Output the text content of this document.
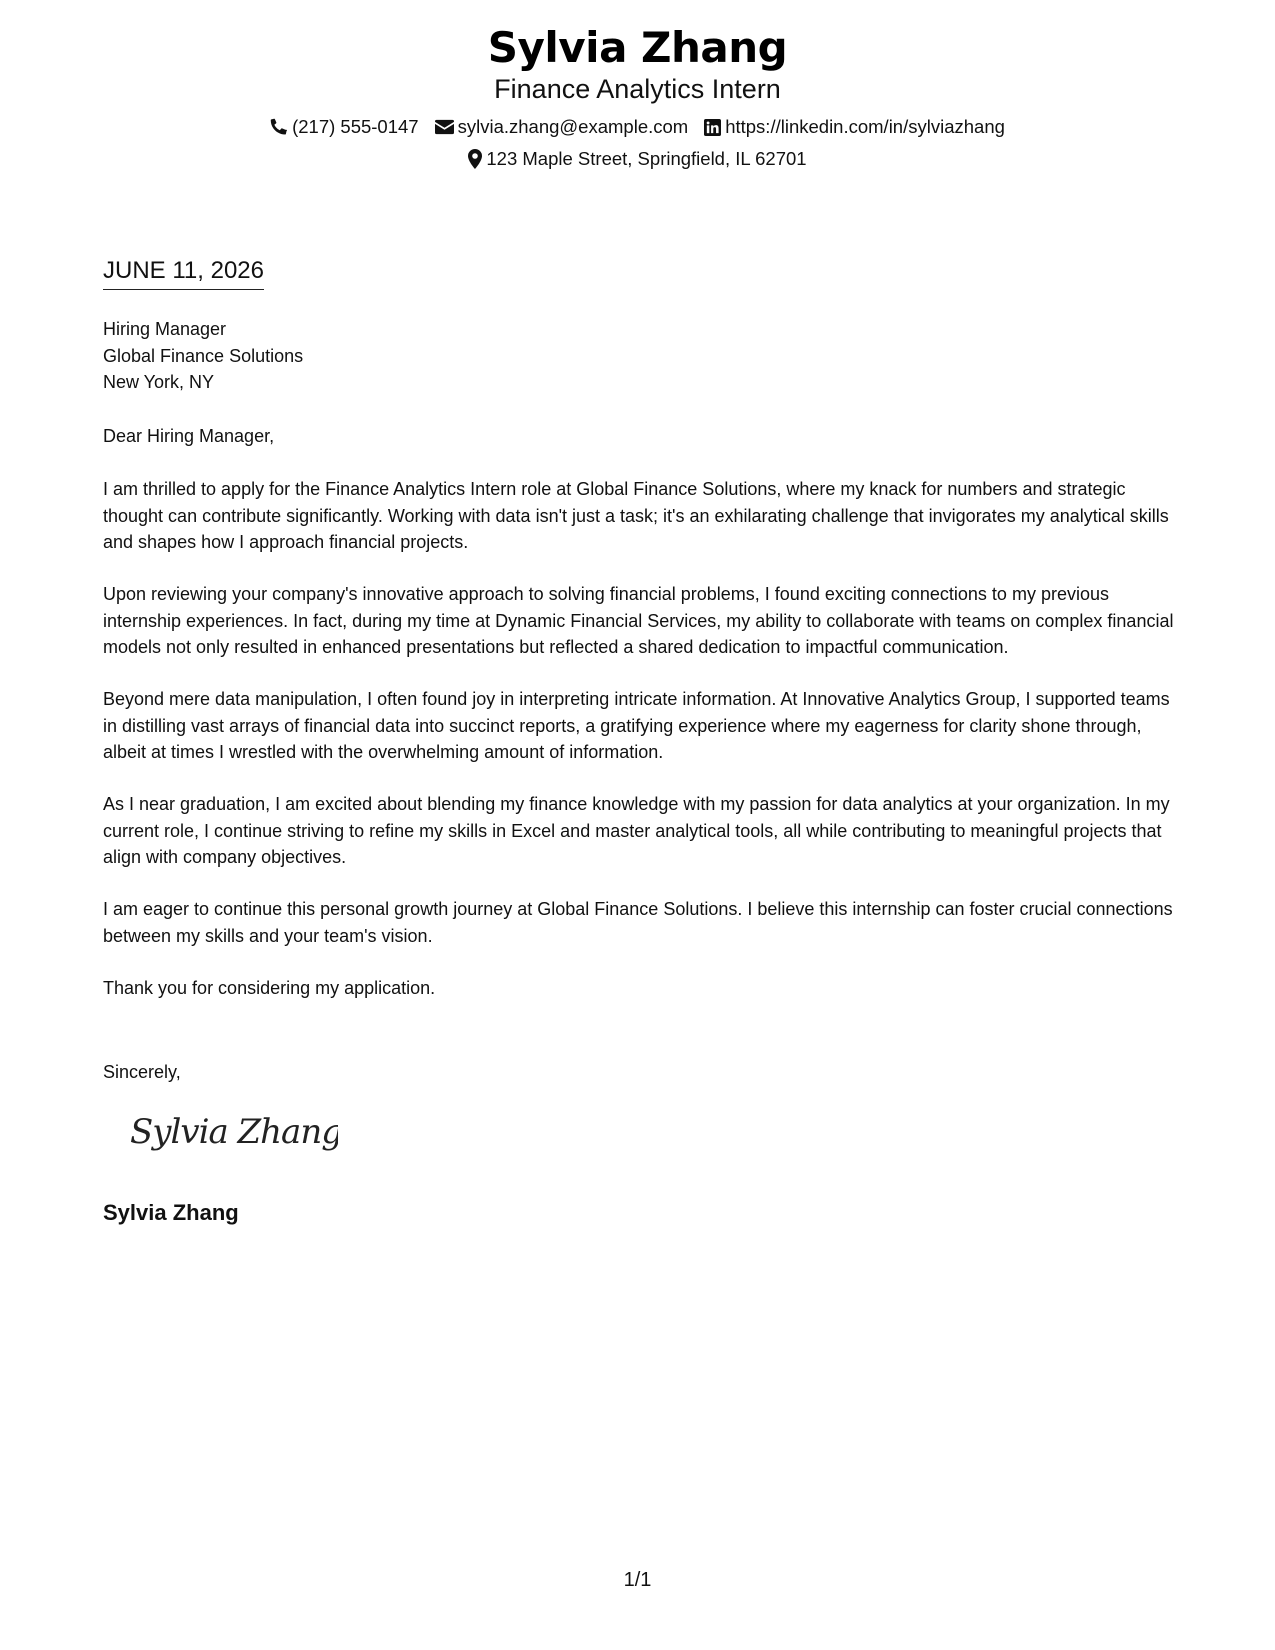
Sylvia Zhang
Finance Analytics Intern
(217) 555-0147 sylvia.zhang@example.com https://linkedin.com/in/sylviazhang
123 Maple Street, Springfield, IL 62701
JUNE 11, 2026
Hiring Manager
Global Finance Solutions
New York, NY
Dear Hiring Manager,
I am thrilled to apply for the Finance Analytics Intern role at Global Finance Solutions, where my knack for numbers and strategic thought can contribute significantly. Working with data isn't just a task; it's an exhilarating challenge that invigorates my analytical skills and shapes how I approach financial projects.
Upon reviewing your company's innovative approach to solving financial problems, I found exciting connections to my previous internship experiences. In fact, during my time at Dynamic Financial Services, my ability to collaborate with teams on complex financial models not only resulted in enhanced presentations but reflected a shared dedication to impactful communication.
Beyond mere data manipulation, I often found joy in interpreting intricate information. At Innovative Analytics Group, I supported teams in distilling vast arrays of financial data into succinct reports, a gratifying experience where my eagerness for clarity shone through, albeit at times I wrestled with the overwhelming amount of information.
As I near graduation, I am excited about blending my finance knowledge with my passion for data analytics at your organization. In my current role, I continue striving to refine my skills in Excel and master analytical tools, all while contributing to meaningful projects that align with company objectives.
I am eager to continue this personal growth journey at Global Finance Solutions. I believe this internship can foster crucial connections between my skills and your team's vision.
Thank you for considering my application.
Sincerely,
Sylvia Zhang
Sylvia Zhang
1/1
